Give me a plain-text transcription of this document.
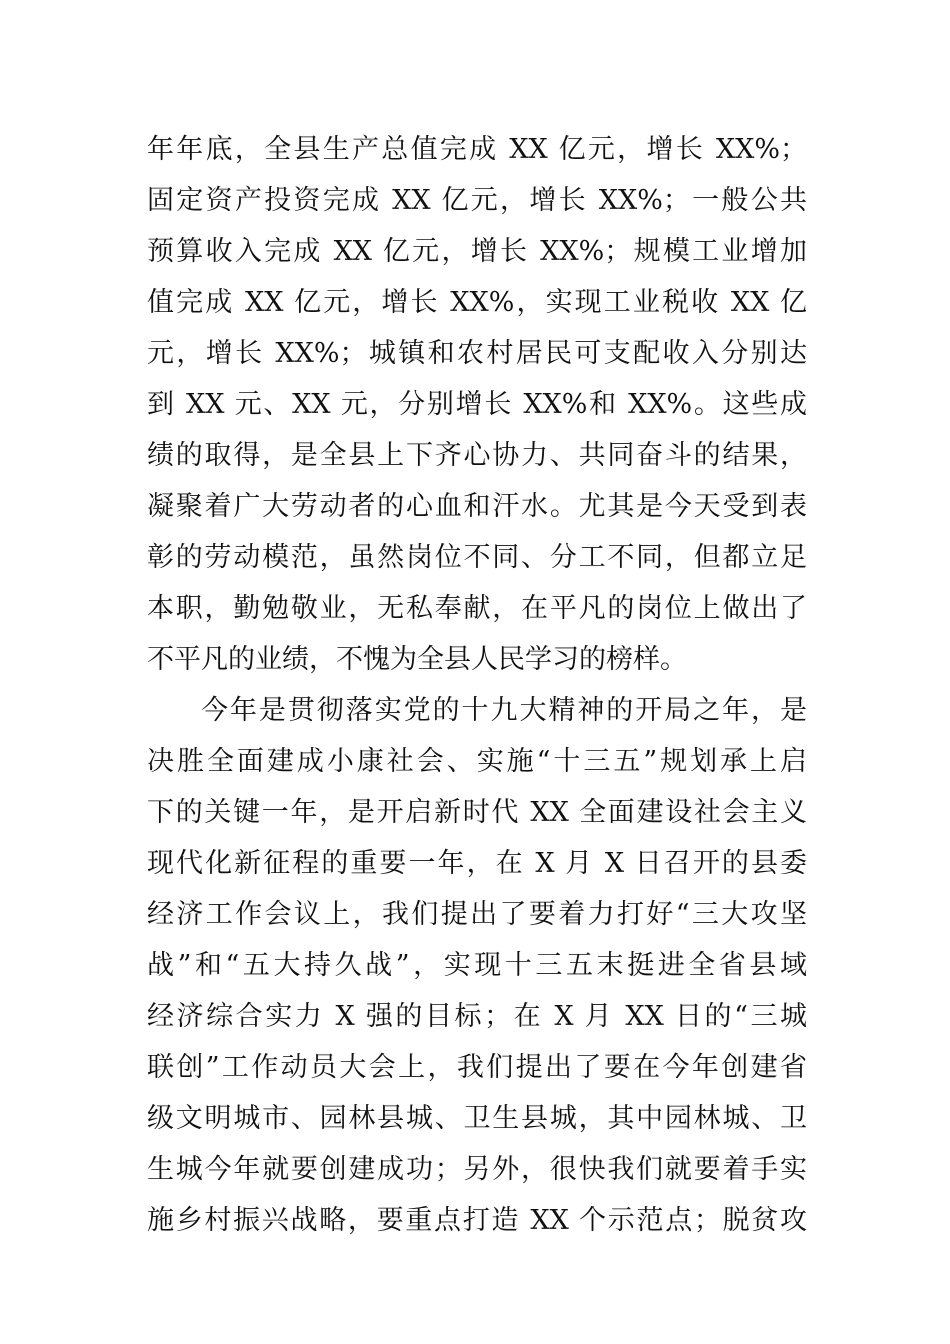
年年底，全县生产总值完成 XX 亿元，增长 XX%；
固定资产投资完成 XX 亿元，增长 XX%；一般公共
预算收入完成 XX 亿元，增长 XX%；规模工业增加
值完成 XX 亿元，增长 XX%，实现工业税收 XX 亿
元，增长 XX%；城镇和农村居民可支配收入分别达
到 XX 元、XX 元，分别增长 XX%和 XX%。这些成
绩的取得，是全县上下齐心协力、共同奋斗的结果，
凝聚着广大劳动者的心血和汗水。尤其是今天受到表
彰的劳动模范，虽然岗位不同、分工不同，但都立足
本职，勤勉敬业，无私奉献，在平凡的岗位上做出了
不平凡的业绩，不愧为全县人民学习的榜样。
今年是贯彻落实党的十九大精神的开局之年，是
决胜全面建成小康社会、实施“十三五”规划承上启
下的关键一年，是开启新时代 XX 全面建设社会主义
现代化新征程的重要一年，在 X 月 X 日召开的县委
经济工作会议上，我们提出了要着力打好“三大攻坚
战”和“五大持久战”，实现十三五末挺进全省县域
经济综合实力 X 强的目标；在 X 月 XX 日的“三城
联创”工作动员大会上，我们提出了要在今年创建省
级文明城市、园林县城、卫生县城，其中园林城、卫
生城今年就要创建成功；另外，很快我们就要着手实
施乡村振兴战略，要重点打造 XX 个示范点；脱贫攻
